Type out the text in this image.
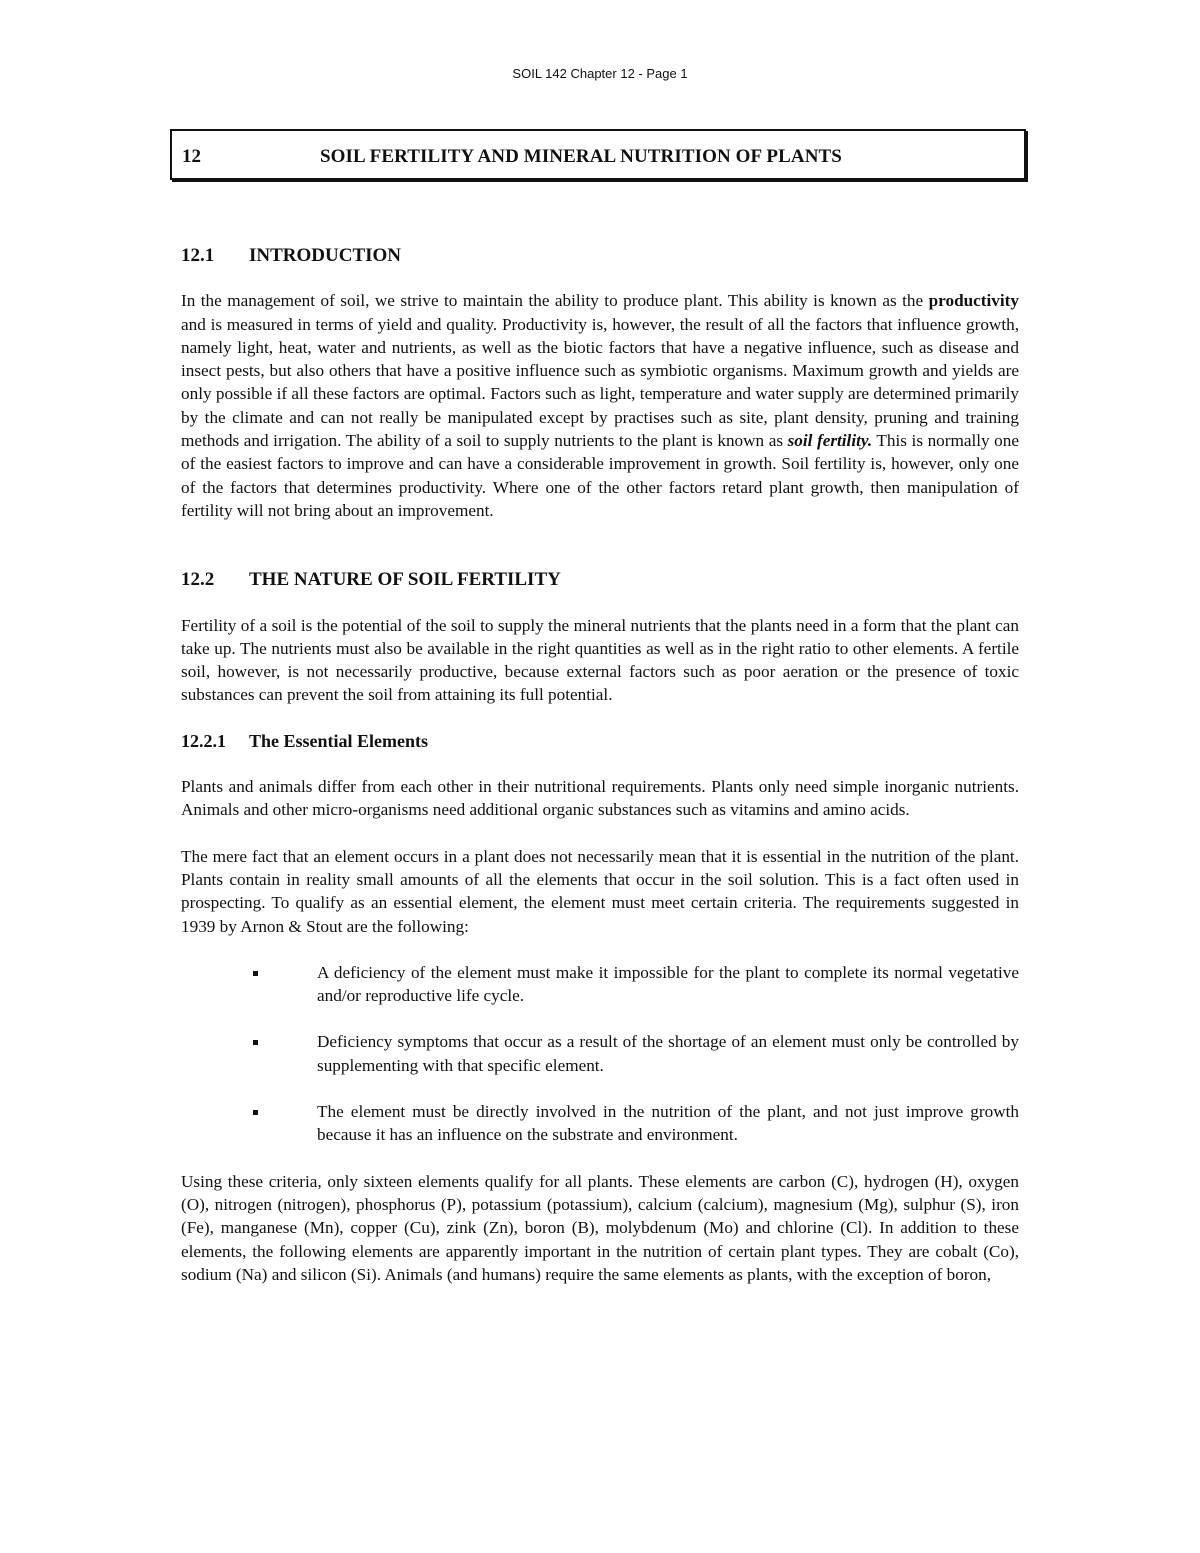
SOIL 142 Chapter 12 - Page 1
12	SOIL FERTILITY AND MINERAL NUTRITION OF PLANTS
12.1	INTRODUCTION

In the management of soil, we strive to maintain the ability to produce plant. This ability is known as the productivity and is measured in terms of yield and quality. Productivity is, however, the result of all the factors that influence growth, namely light, heat, water and nutrients, as well as the biotic factors that have a negative influence, such as disease and insect pests, but also others that have a positive influence such as symbiotic organisms. Maximum growth and yields are only possible if all these factors are optimal. Factors such as light, temperature and water supply are determined primarily by the climate and can not really be manipulated except by practises such as site, plant density, pruning and training methods and irrigation. The ability of a soil to supply nutrients to the plant is known as soil fertility. This is normally one of the easiest factors to improve and can have a considerable improvement in growth. Soil fertility is, however, only one of the factors that determines productivity. Where one of the other factors retard plant growth, then manipulation of fertility will not bring about an improvement.

12.2	THE NATURE OF SOIL FERTILITY

Fertility of a soil is the potential of the soil to supply the mineral nutrients that the plants need in a form that the plant can take up. The nutrients must also be available in the right quantities as well as in the right ratio to other elements. A fertile soil, however, is not necessarily productive, because external factors such as poor aeration or the presence of toxic substances can prevent the soil from attaining its full potential.

12.2.1	The Essential Elements

Plants and animals differ from each other in their nutritional requirements. Plants only need simple inorganic nutrients. Animals and other micro-organisms need additional organic substances such as vitamins and amino acids.

The mere fact that an element occurs in a plant does not necessarily mean that it is essential in the nutrition of the plant. Plants contain in reality small amounts of all the elements that occur in the soil solution. This is a fact often used in prospecting. To qualify as an essential element, the element must meet certain criteria. The requirements suggested in 1939 by Arnon & Stout are the following:

A deficiency of the element must make it impossible for the plant to complete its normal vegetative and/or reproductive life cycle.
Deficiency symptoms that occur as a result of the shortage of an element must only be controlled by supplementing with that specific element.
The element must be directly involved in the nutrition of the plant, and not just improve growth because it has an influence on the substrate and environment.

Using these criteria, only sixteen elements qualify for all plants. These elements are carbon (C), hydrogen (H), oxygen (O), nitrogen (nitrogen), phosphorus (P), potassium (potassium), calcium (calcium), magnesium (Mg), sulphur (S), iron (Fe), manganese (Mn), copper (Cu), zink (Zn), boron (B), molybdenum (Mo) and chlorine (Cl). In addition to these elements, the following elements are apparently important in the nutrition of certain plant types. They are cobalt (Co), sodium (Na) and silicon (Si). Animals (and humans) require the same elements as plants, with the exception of boron,
